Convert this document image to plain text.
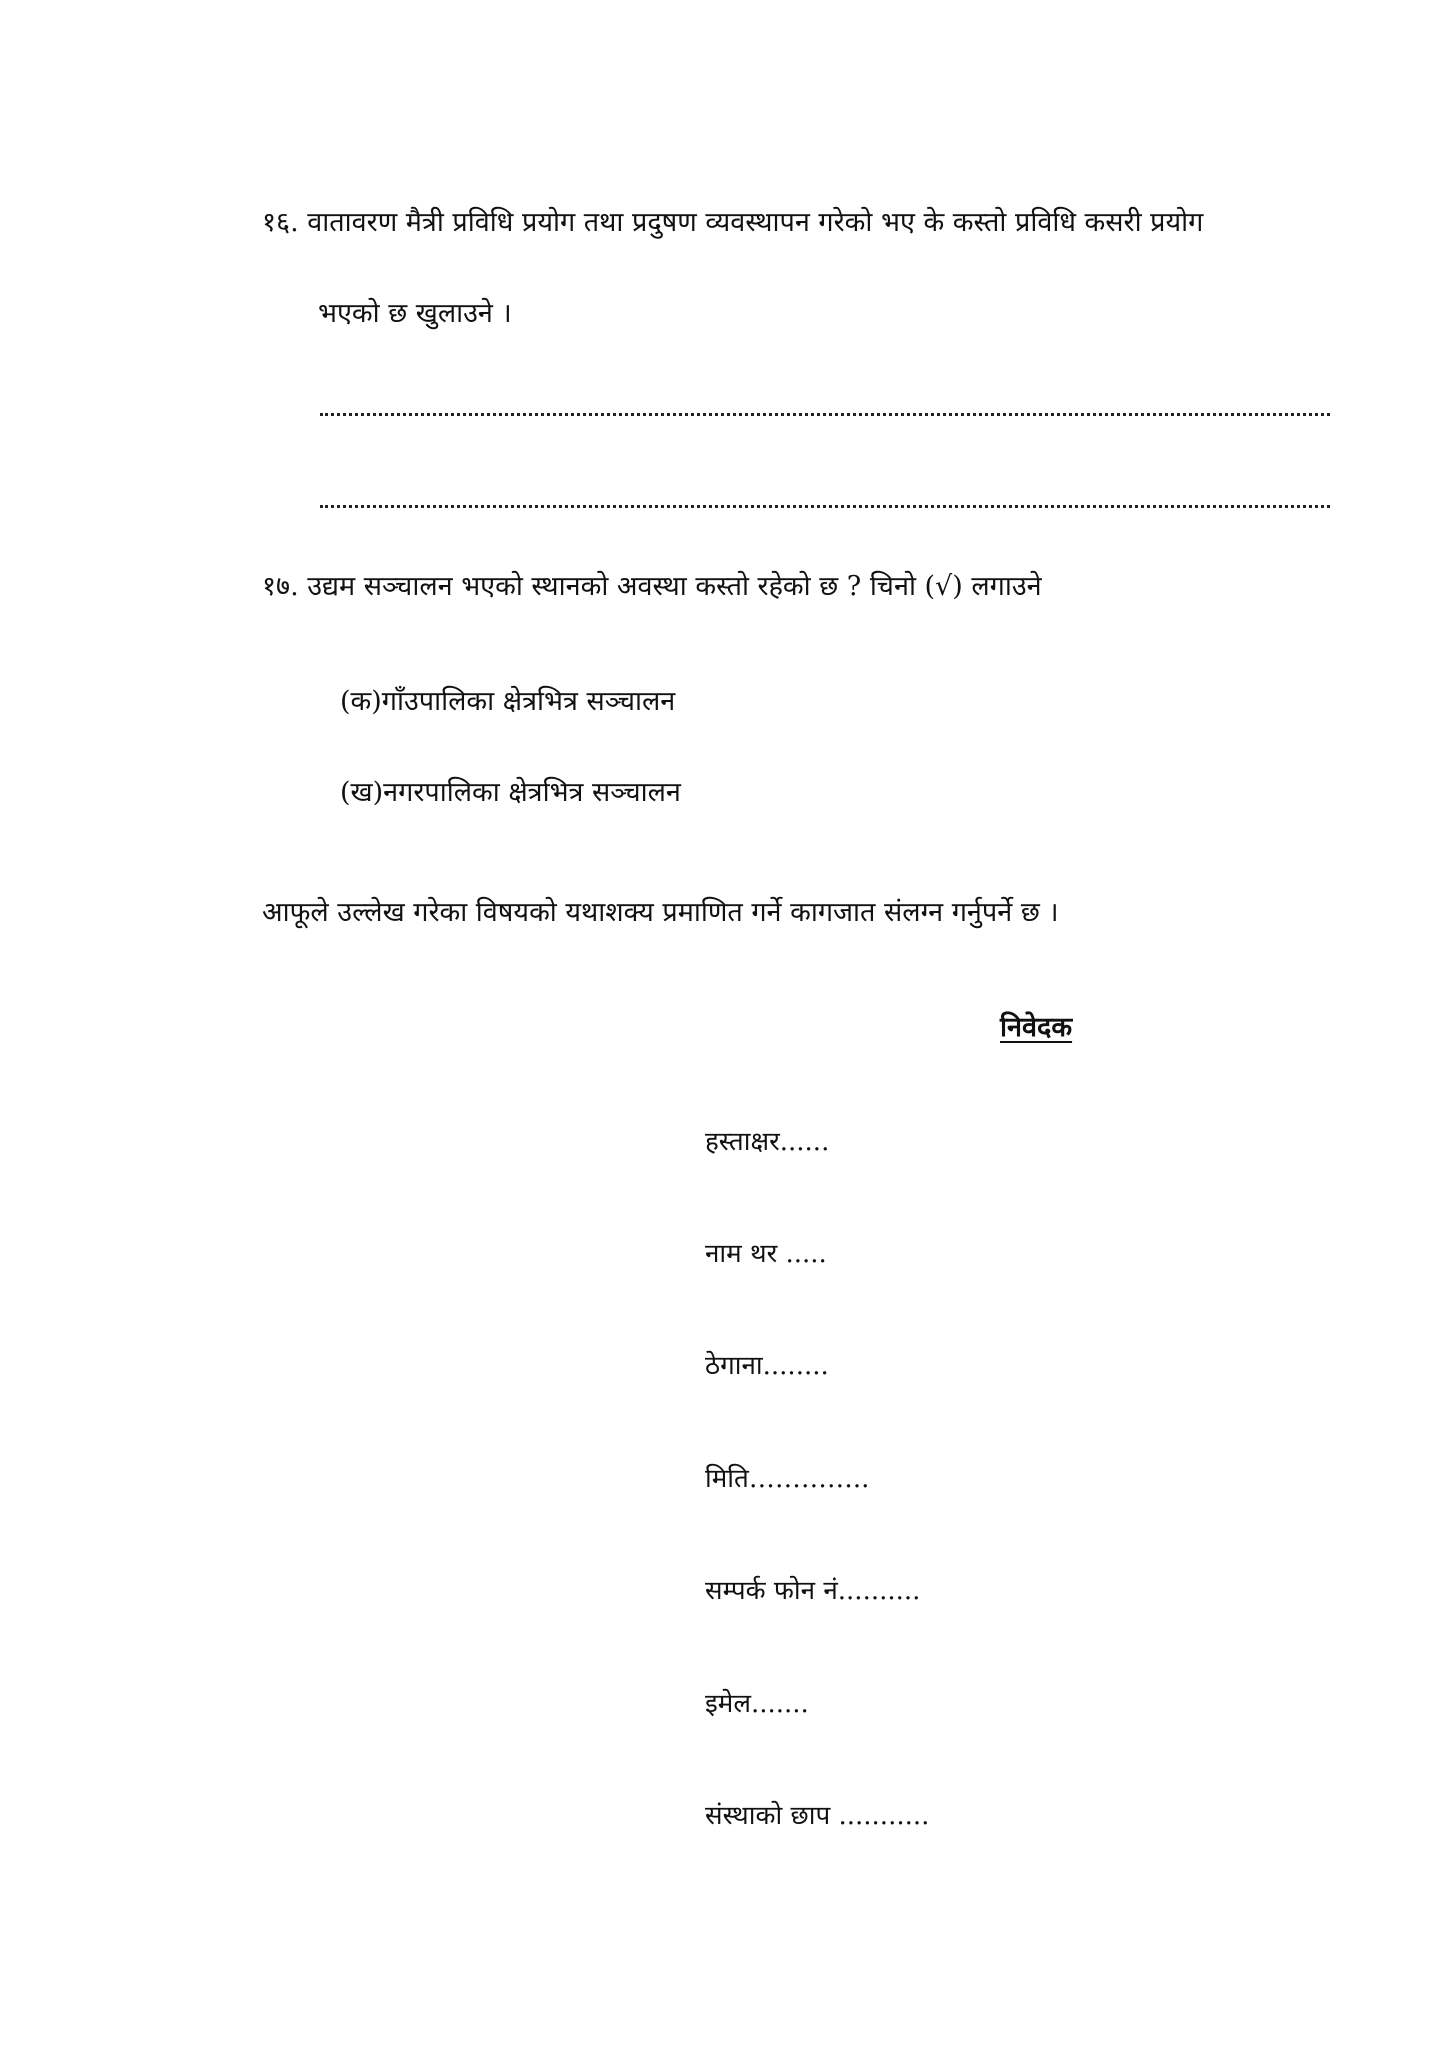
१६. वातावरण मैत्री प्रविधि प्रयोग तथा प्रदुषण व्यवस्थापन गरेको भए के कस्तो प्रविधि कसरी प्रयोग
भएको छ खुलाउने ।
१७. उद्यम सञ्चालन भएको स्थानको अवस्था कस्तो रहेको छ ? चिनो (√) लगाउने
(क)गाँउपालिका क्षेत्रभित्र सञ्चालन
(ख)नगरपालिका क्षेत्रभित्र सञ्चालन
आफूले उल्लेख गरेका विषयको यथाशक्य प्रमाणित गर्ने कागजात संलग्न गर्नुपर्ने छ ।
निवेदक
हस्ताक्षर......
नाम थर .....
ठेगाना........
मिति…………..
सम्पर्क फोन नं..........
इमेल.......
संस्थाको छाप ...........
